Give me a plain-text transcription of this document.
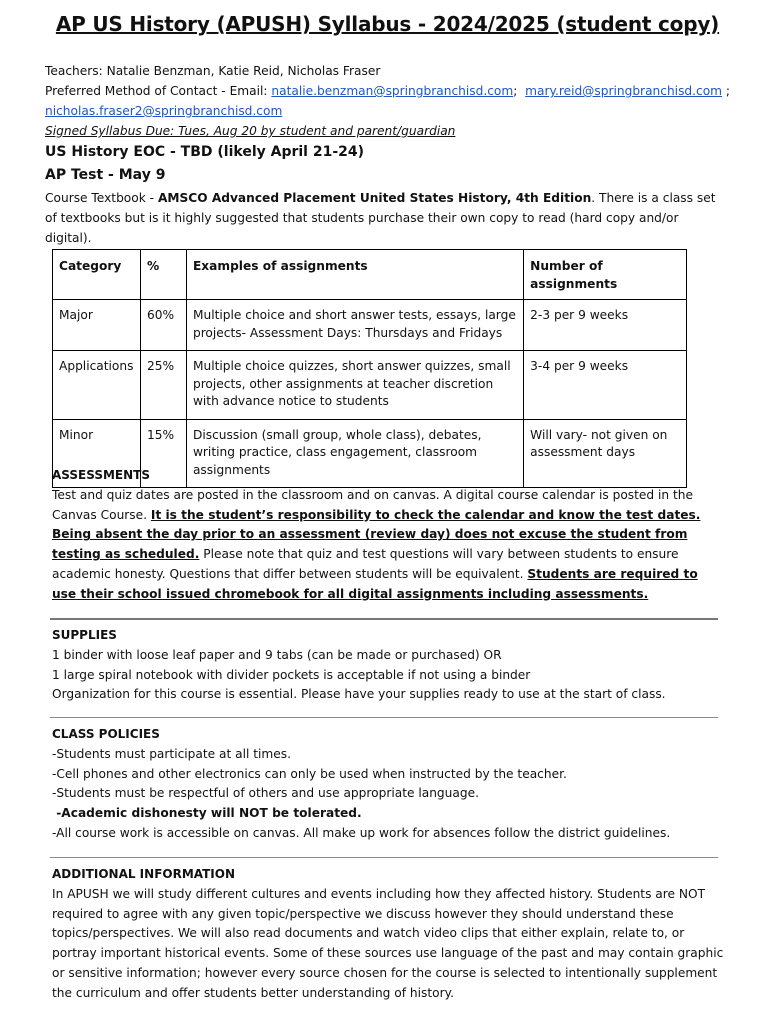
AP US History (APUSH) Syllabus - 2024/2025 (student copy)
Teachers: Natalie Benzman, Katie Reid, Nicholas Fraser
Preferred Method of Contact - Email: natalie.benzman@springbranchisd.com;  mary.reid@springbranchisd.com ;
nicholas.fraser2@springbranchisd.com
Signed Syllabus Due: Tues, Aug 20 by student and parent/guardian
US History EOC - TBD (likely April 21-24)
AP Test - May 9
Course Textbook - AMSCO Advanced Placement United States History, 4th Edition. There is a class set of textbooks but is it highly suggested that students purchase their own copy to read (hard copy and/or digital).
Category	%	Examples of assignments	Number of assignments
Major	60%	Multiple choice and short answer tests, essays, large projects- Assessment Days: Thursdays and Fridays	2-3 per 9 weeks
Applications	25%	Multiple choice quizzes, short answer quizzes, small projects, other assignments at teacher discretion with advance notice to students	3-4 per 9 weeks
Minor	15%	Discussion (small group, whole class), debates, writing practice, class engagement, classroom assignments	Will vary- not given on assessment days
ASSESSMENTS

Test and quiz dates are posted in the classroom and on canvas. A digital course calendar is posted in the Canvas Course. It is the student’s responsibility to check the calendar and know the test dates. Being absent the day prior to an assessment (review day) does not excuse the student from testing as scheduled. Please note that quiz and test questions will vary between students to ensure academic honesty. Questions that differ between students will be equivalent. Students are required to use their school issued chromebook for all digital assignments including assessments.

SUPPLIES

1 binder with loose leaf paper and 9 tabs (can be made or purchased) OR

1 large spiral notebook with divider pockets is acceptable if not using a binder

Organization for this course is essential. Please have your supplies ready to use at the start of class.

CLASS POLICIES

-Students must participate at all times.

-Cell phones and other electronics can only be used when instructed by the teacher.

-Students must be respectful of others and use appropriate language.

-Academic dishonesty will NOT be tolerated.

-All course work is accessible on canvas. All make up work for absences follow the district guidelines.

ADDITIONAL INFORMATION

In APUSH we will study different cultures and events including how they affected history. Students are NOT required to agree with any given topic/perspective we discuss however they should understand these topics/perspectives. We will also read documents and watch video clips that either explain, relate to, or portray important historical events. Some of these sources use language of the past and may contain graphic or sensitive information; however every source chosen for the course is selected to intentionally supplement the curriculum and offer students better understanding of history.
